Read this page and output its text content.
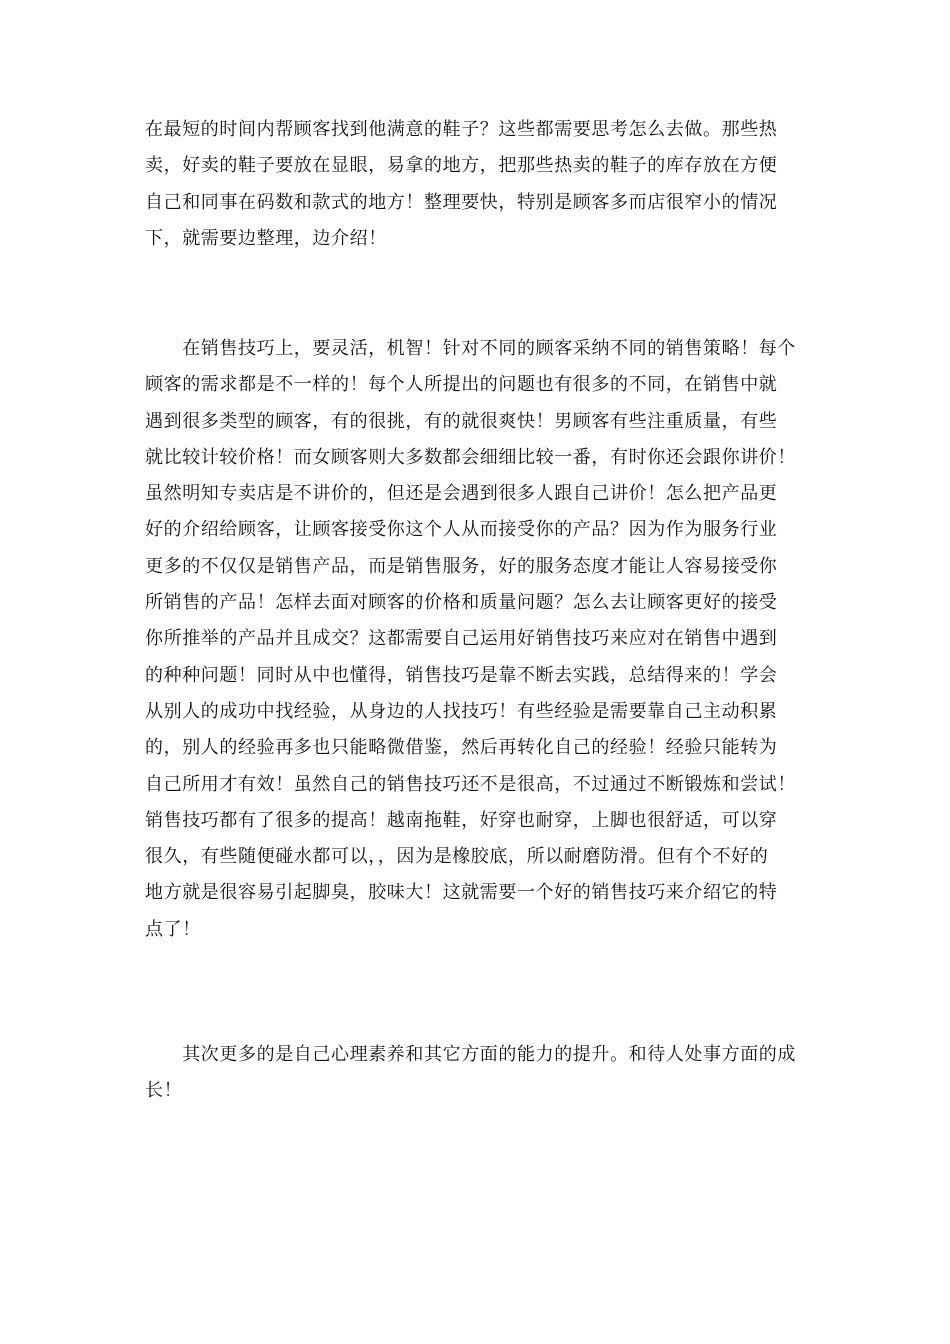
在最短的时间内帮顾客找到他满意的鞋子？这些都需要思考怎么去做。那些热
卖，好卖的鞋子要放在显眼，易拿的地方，把那些热卖的鞋子的库存放在方便
自己和同事在码数和款式的地方！整理要快，特别是顾客多而店很窄小的情况
下，就需要边整理，边介绍！
　　在销售技巧上，要灵活，机智！针对不同的顾客采纳不同的销售策略！每个
顾客的需求都是不一样的！每个人所提出的问题也有很多的不同，在销售中就
遇到很多类型的顾客，有的很挑，有的就很爽快！男顾客有些注重质量，有些
就比较计较价格！而女顾客则大多数都会细细比较一番，有时你还会跟你讲价！
虽然明知专卖店是不讲价的，但还是会遇到很多人跟自己讲价！怎么把产品更
好的介绍给顾客，让顾客接受你这个人从而接受你的产品？因为作为服务行业
更多的不仅仅是销售产品，而是销售服务，好的服务态度才能让人容易接受你
所销售的产品！怎样去面对顾客的价格和质量问题？怎么去让顾客更好的接受
你所推举的产品并且成交？这都需要自己运用好销售技巧来应对在销售中遇到
的种种问题！同时从中也懂得，销售技巧是靠不断去实践，总结得来的！学会
从别人的成功中找经验，从身边的人找技巧！有些经验是需要靠自己主动积累
的，别人的经验再多也只能略微借鉴，然后再转化自己的经验！经验只能转为
自己所用才有效！虽然自己的销售技巧还不是很高，不过通过不断锻炼和尝试！
销售技巧都有了很多的提高！越南拖鞋，好穿也耐穿，上脚也很舒适，可以穿
很久，有些随便碰水都可以，，因为是橡胶底，所以耐磨防滑。但有个不好的
地方就是很容易引起脚臭，胶味大！这就需要一个好的销售技巧来介绍它的特
点了！
　　其次更多的是自己心理素养和其它方面的能力的提升。和待人处事方面的成
长！
